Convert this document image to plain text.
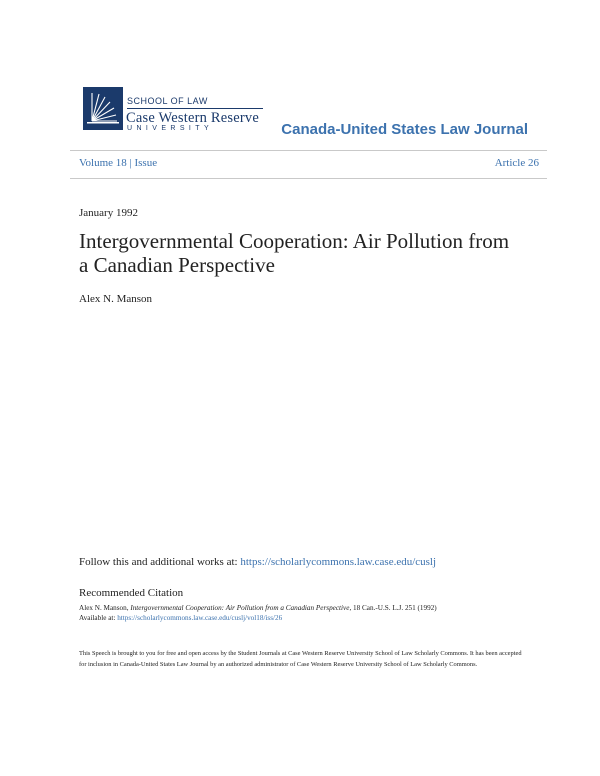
SCHOOL OF LAW
Case Western Reserve
UNIVERSITY	Canada-United States Law Journal
Volume 18 | Issue	Article 26
January 1992
Intergovernmental Cooperation: Air Pollution from a Canadian Perspective
Alex N. Manson
Follow this and additional works at: https://scholarlycommons.law.case.edu/cuslj
Recommended Citation
Alex N. Manson, Intergovernmental Cooperation: Air Pollution from a Canadian Perspective, 18 Can.-U.S. L.J. 251 (1992)
Available at: https://scholarlycommons.law.case.edu/cuslj/vol18/iss/26
This Speech is brought to you for free and open access by the Student Journals at Case Western Reserve University School of Law Scholarly Commons. It has been accepted for inclusion in Canada-United States Law Journal by an authorized administrator of Case Western Reserve University School of Law Scholarly Commons.
